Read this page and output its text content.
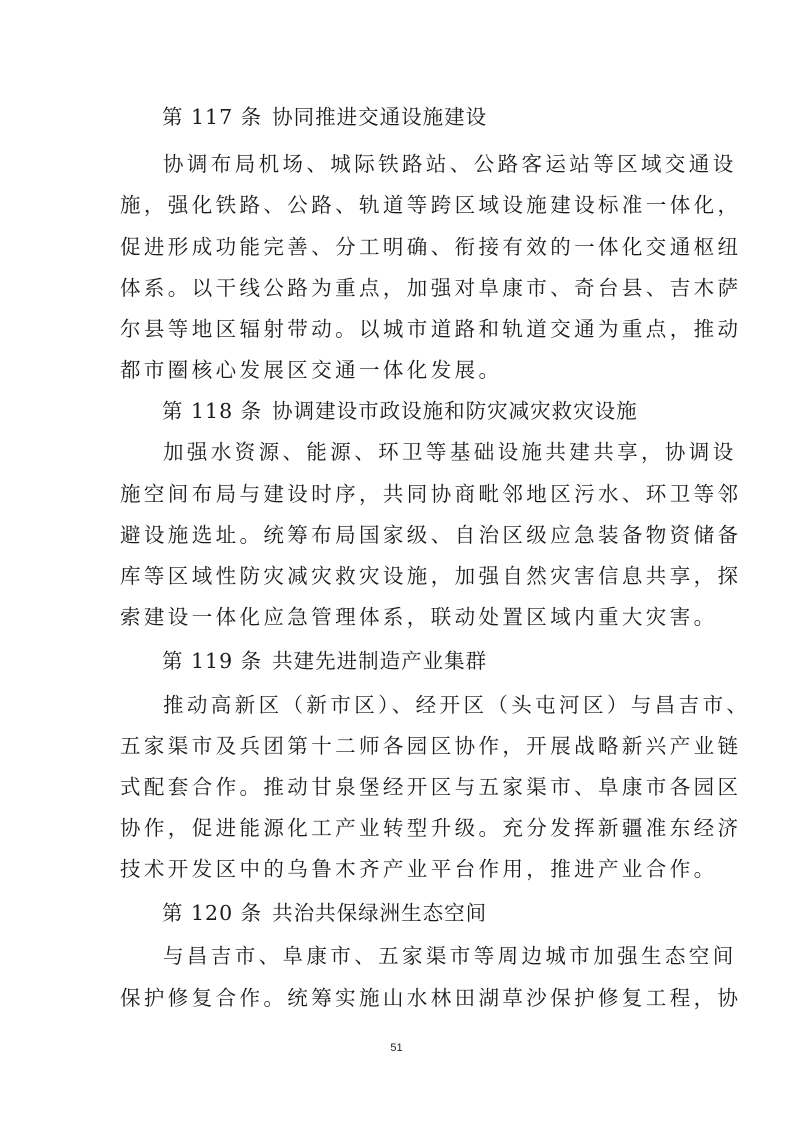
第 117 条 协同推进交通设施建设
协调布局机场、城际铁路站、公路客运站等区域交通设
施，强化铁路、公路、轨道等跨区域设施建设标准一体化，
促进形成功能完善、分工明确、衔接有效的一体化交通枢纽
体系。以干线公路为重点，加强对阜康市、奇台县、吉木萨
尔县等地区辐射带动。以城市道路和轨道交通为重点，推动
都市圈核心发展区交通一体化发展。
第 118 条 协调建设市政设施和防灾减灾救灾设施
加强水资源、能源、环卫等基础设施共建共享，协调设
施空间布局与建设时序，共同协商毗邻地区污水、环卫等邻
避设施选址。统筹布局国家级、自治区级应急装备物资储备
库等区域性防灾减灾救灾设施，加强自然灾害信息共享，探
索建设一体化应急管理体系，联动处置区域内重大灾害。
第 119 条 共建先进制造产业集群
推动高新区（新市区）、经开区（头屯河区）与昌吉市、
五家渠市及兵团第十二师各园区协作，开展战略新兴产业链
式配套合作。推动甘泉堡经开区与五家渠市、阜康市各园区
协作，促进能源化工产业转型升级。充分发挥新疆准东经济
技术开发区中的乌鲁木齐产业平台作用，推进产业合作。
第 120 条 共治共保绿洲生态空间
与昌吉市、阜康市、五家渠市等周边城市加强生态空间
保护修复合作。统筹实施山水林田湖草沙保护修复工程，协
51
